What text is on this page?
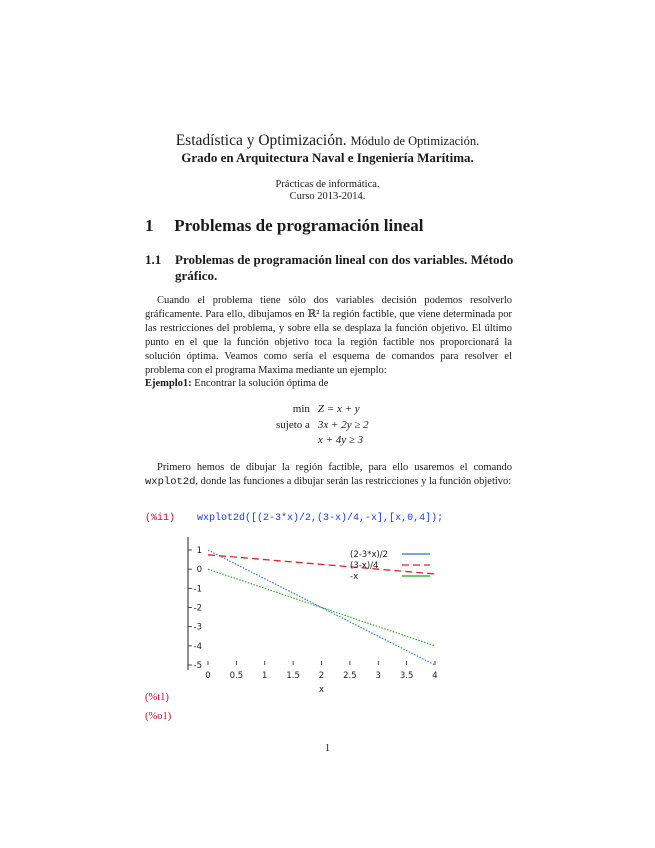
Estadística y Optimización. Módulo de Optimización.
Grado en Arquitectura Naval e Ingeniería Marítima.
Prácticas de informática.
Curso 2013-2014.
1 Problemas de programación lineal
1.1 Problemas de programación lineal con dos variables. Método gráfico.

Cuando el problema tiene sólo dos variables decisión podemos resolverlo gráficamente. Para ello, dibujamos en ℝ² la región factible, que viene determinada por las restricciones del problema, y sobre ella se desplaza la función objetivo. El último punto en el que la función objetivo toca la región factible nos proporcionará la solución óptima. Veamos como sería el esquema de comandos para resolver el problema con el programa Maxima mediante un ejemplo:

Ejemplo1: Encontrar la solución óptima de
min	Z = x + y
sujeto a	3x + 2y ≥ 2
	x + 4y ≥ 3

Primero hemos de dibujar la región factible, para ello usaremos el comando wxplot2d, donde las funciones a dibujar serán las restricciones y la función objetivo:

(%i1) wxplot2d([(2-3*x)/2,(3-x)/4,-x],[x,0,4]);
1
0
-1
-2
-3
-4
-5
0 0.5 1 1.5 2 2.5 3 3.5 4
x
(2-3*x)/2
(3-x)/4
-x
(%t1)
(%o1)
1
